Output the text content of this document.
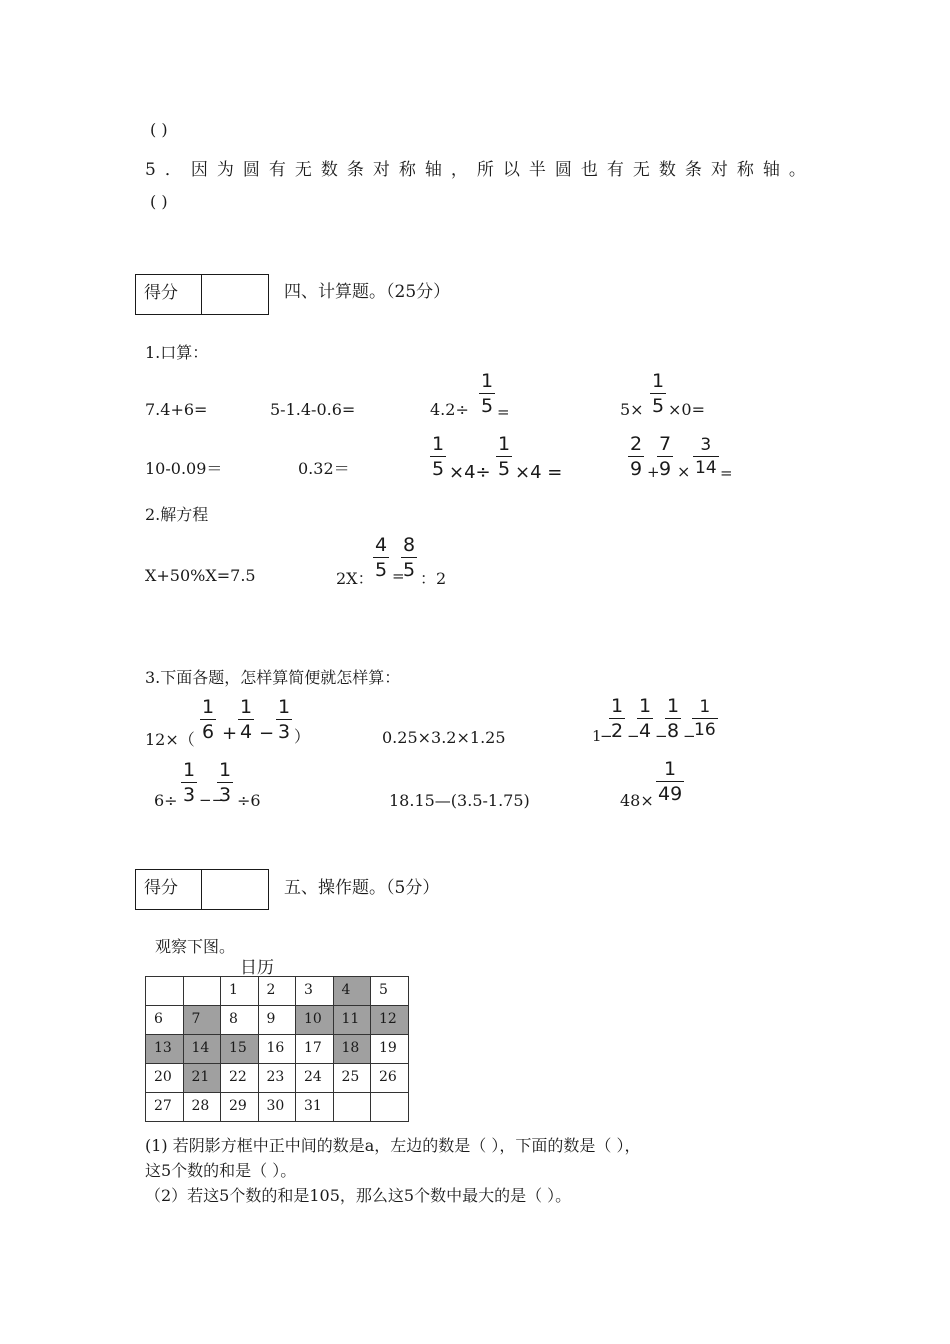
( )
5．因为圆有无数条对称轴，所以半圆也有无数条对称轴。
( )
得分	四、计算题。（25分）
1.口算：
7.4+6=	5-1.4-0.6=	4.2÷
1
5 =	5×
1
5 ×0=
10-0.09＝	0.32＝
1
5 ×4÷
1
5 ×4 =
2
9 +
7
9 ×
3
14 =
2.解方程
X+50%X=7.5	2X：
4
5 =
8
5 ：2
3.下面各题，怎样算简便就怎样算：
12×（
1
6 +
1
4 −
1
3 ）	0.25×3.2×1.25	1
−
1
2 −
1
4 −
1
8 −
1
16
6÷
1
3 −−
1
3 ÷6	18.15—(3.5-1.75)	48×
1
49
得分	五、操作题。（5分）
观察下图。
日历
		1	2	3	4	5
6	7	8	9	10	11	12
13	14	15	16	17	18	19
20	21	22	23	24	25	26
27	28	29	30	31		
(1) 若阴影方框中正中间的数是a，左边的数是（ ），下面的数是（ ），
这5个数的和是（ ）。
（2）若这5个数的和是105，那么这5个数中最大的是（ ）。
